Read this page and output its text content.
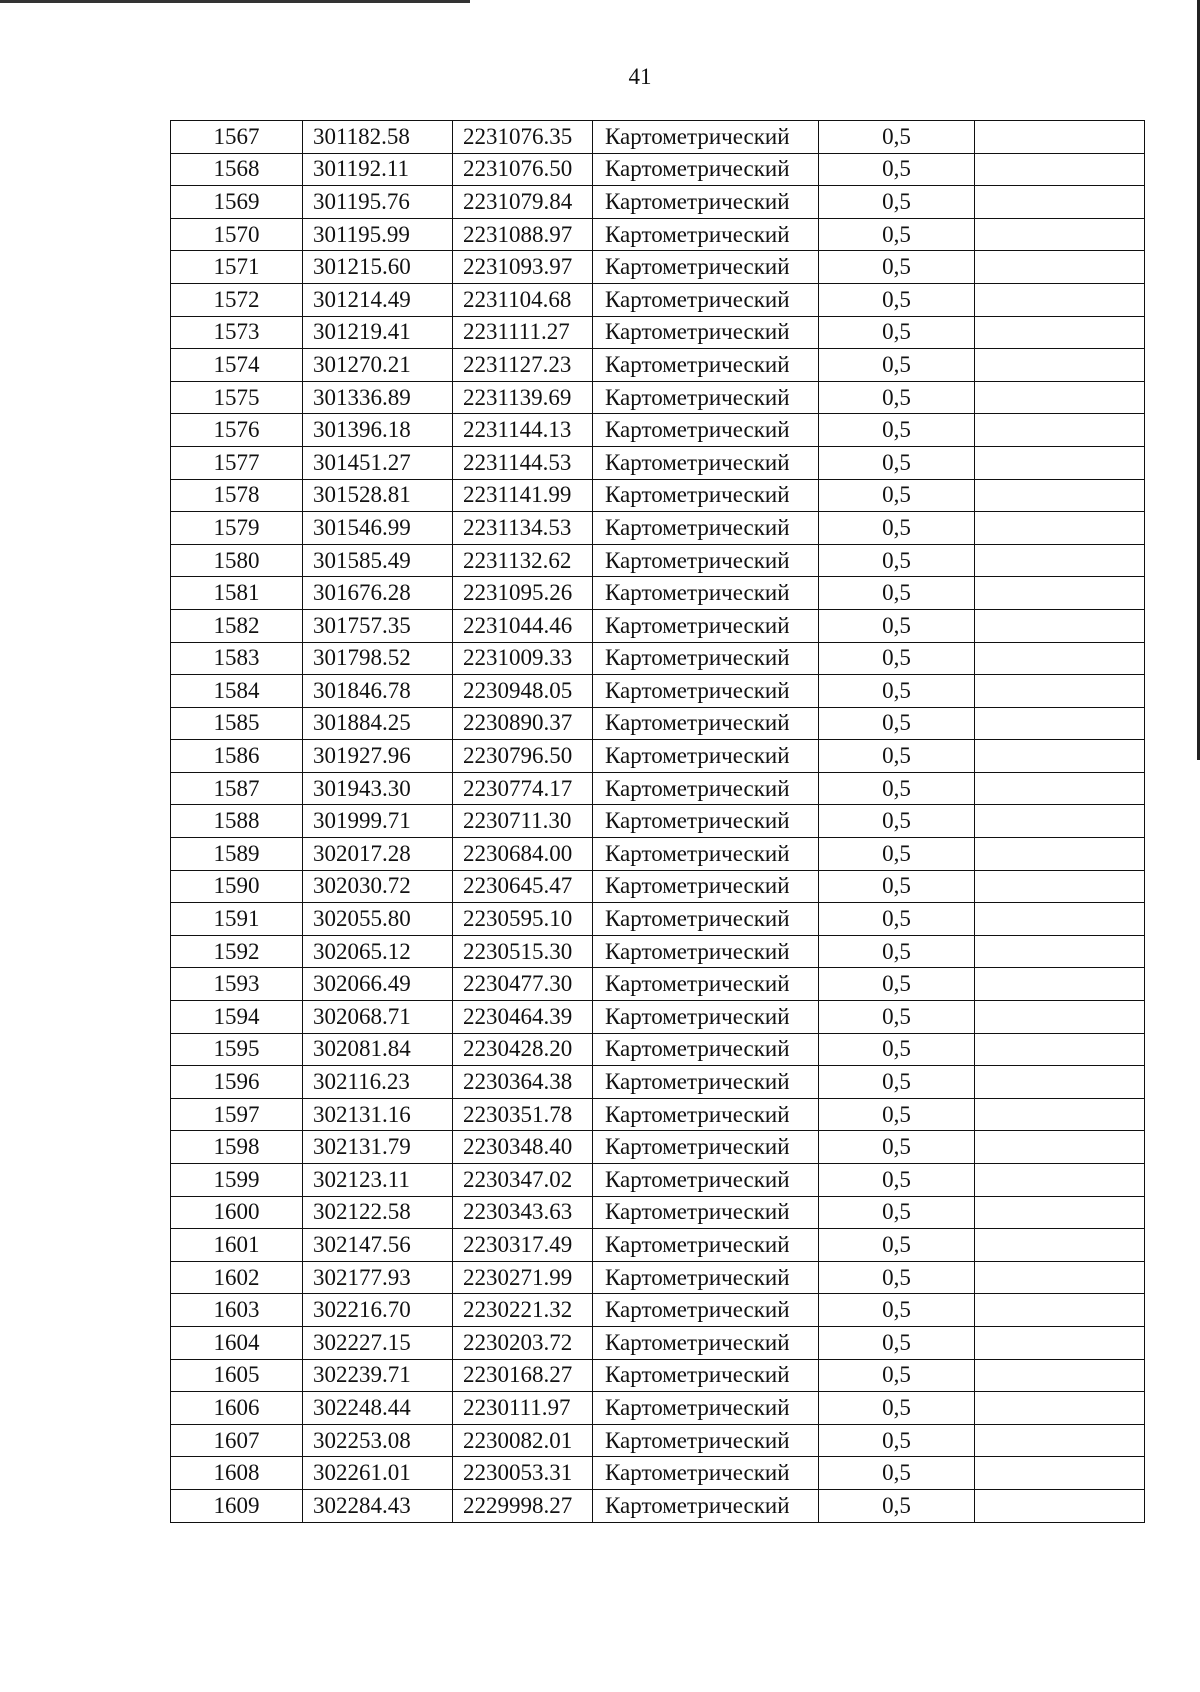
41
1567	301182.58	2231076.35	Картометрический	0,5	
1568	301192.11	2231076.50	Картометрический	0,5	
1569	301195.76	2231079.84	Картометрический	0,5	
1570	301195.99	2231088.97	Картометрический	0,5	
1571	301215.60	2231093.97	Картометрический	0,5	
1572	301214.49	2231104.68	Картометрический	0,5	
1573	301219.41	2231111.27	Картометрический	0,5	
1574	301270.21	2231127.23	Картометрический	0,5	
1575	301336.89	2231139.69	Картометрический	0,5	
1576	301396.18	2231144.13	Картометрический	0,5	
1577	301451.27	2231144.53	Картометрический	0,5	
1578	301528.81	2231141.99	Картометрический	0,5	
1579	301546.99	2231134.53	Картометрический	0,5	
1580	301585.49	2231132.62	Картометрический	0,5	
1581	301676.28	2231095.26	Картометрический	0,5	
1582	301757.35	2231044.46	Картометрический	0,5	
1583	301798.52	2231009.33	Картометрический	0,5	
1584	301846.78	2230948.05	Картометрический	0,5	
1585	301884.25	2230890.37	Картометрический	0,5	
1586	301927.96	2230796.50	Картометрический	0,5	
1587	301943.30	2230774.17	Картометрический	0,5	
1588	301999.71	2230711.30	Картометрический	0,5	
1589	302017.28	2230684.00	Картометрический	0,5	
1590	302030.72	2230645.47	Картометрический	0,5	
1591	302055.80	2230595.10	Картометрический	0,5	
1592	302065.12	2230515.30	Картометрический	0,5	
1593	302066.49	2230477.30	Картометрический	0,5	
1594	302068.71	2230464.39	Картометрический	0,5	
1595	302081.84	2230428.20	Картометрический	0,5	
1596	302116.23	2230364.38	Картометрический	0,5	
1597	302131.16	2230351.78	Картометрический	0,5	
1598	302131.79	2230348.40	Картометрический	0,5	
1599	302123.11	2230347.02	Картометрический	0,5	
1600	302122.58	2230343.63	Картометрический	0,5	
1601	302147.56	2230317.49	Картометрический	0,5	
1602	302177.93	2230271.99	Картометрический	0,5	
1603	302216.70	2230221.32	Картометрический	0,5	
1604	302227.15	2230203.72	Картометрический	0,5	
1605	302239.71	2230168.27	Картометрический	0,5	
1606	302248.44	2230111.97	Картометрический	0,5	
1607	302253.08	2230082.01	Картометрический	0,5	
1608	302261.01	2230053.31	Картометрический	0,5	
1609	302284.43	2229998.27	Картометрический	0,5	
